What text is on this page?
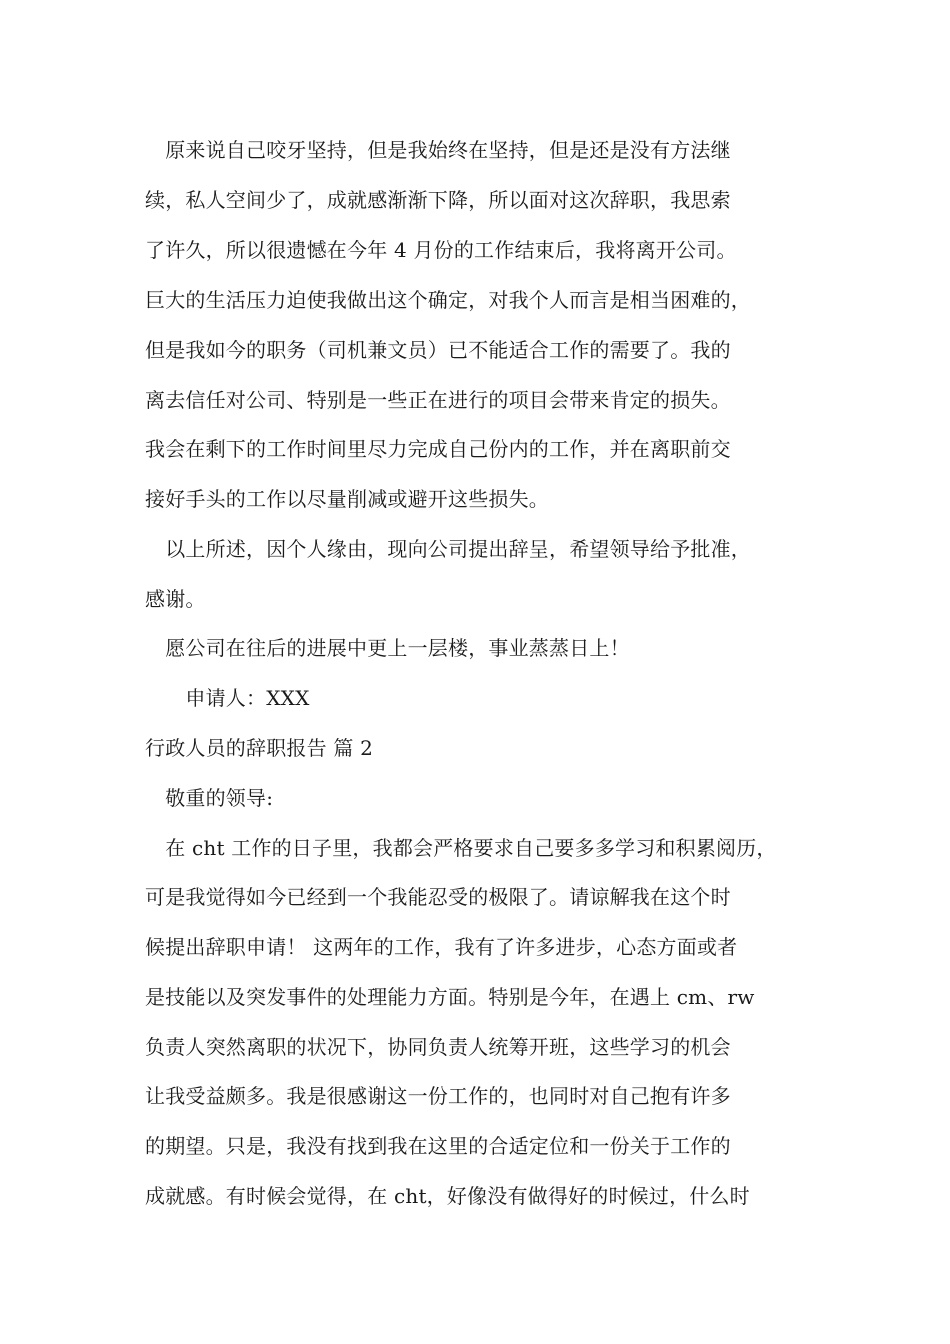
　原来说自己咬牙坚持，但是我始终在坚持，但是还是没有方法继
续，私人空间少了，成就感渐渐下降，所以面对这次辞职，我思索
了许久，所以很遗憾在今年 4 月份的工作结束后，我将离开公司。
巨大的生活压力迫使我做出这个确定，对我个人而言是相当困难的，
但是我如今的职务（司机兼文员）已不能适合工作的需要了。我的
离去信任对公司、特别是一些正在进行的项目会带来肯定的损失。
我会在剩下的工作时间里尽力完成自己份内的工作，并在离职前交
接好手头的工作以尽量削减或避开这些损失。
　以上所述，因个人缘由，现向公司提出辞呈，希望领导给予批准，
感谢。
　愿公司在往后的进展中更上一层楼，事业蒸蒸日上！
　　申请人：XXX
行政人员的辞职报告 篇 2
　敬重的领导:
　在 cht 工作的日子里，我都会严格要求自己要多多学习和积累阅历，
可是我觉得如今已经到一个我能忍受的极限了。请谅解我在这个时
候提出辞职申请！ 这两年的工作，我有了许多进步，心态方面或者
是技能以及突发事件的处理能力方面。特别是今年，在遇上 cm、rw
负责人突然离职的状况下，协同负责人统筹开班，这些学习的机会
让我受益颇多。我是很感谢这一份工作的，也同时对自己抱有许多
的期望。只是，我没有找到我在这里的合适定位和一份关于工作的
成就感。有时候会觉得，在 cht，好像没有做得好的时候过，什么时
